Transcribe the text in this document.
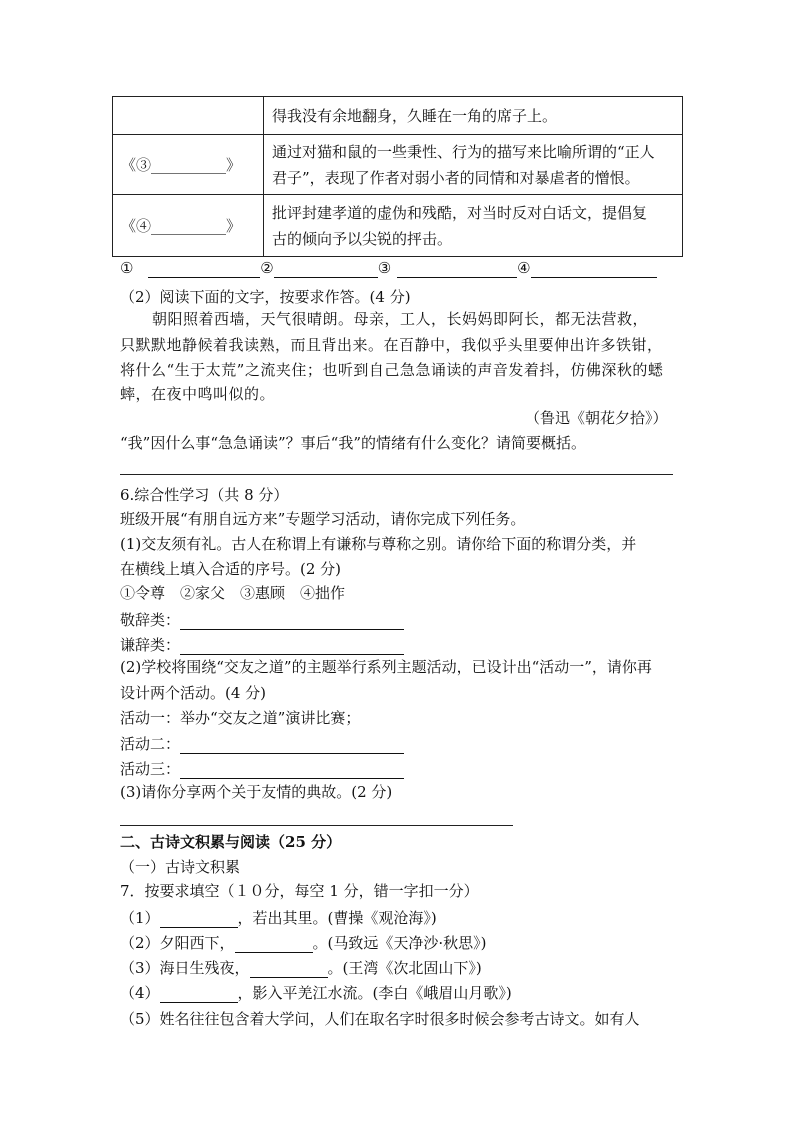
	得我没有余地翻身，久睡在一角的席子上。

《③__________》	通过对猫和鼠的一些秉性、行为的描写来比喻所谓的“正人
君子”，表现了作者对弱小者的同情和对暴虐者的憎恨。

《④__________》	批评封建孝道的虚伪和残酷，对当时反对白话文，提倡复
古的倾向予以尖锐的抨击。
①	②	③	④
（2）阅读下面的文字，按要求作答。(4 分)
朝阳照着西墙，天气很晴朗。母亲，工人，长妈妈即阿长，都无法营救，
只默默地静候着我读熟，而且背出来。在百静中，我似乎头里要伸出许多铁钳，
将什么“生于太荒”之流夹住；也听到自己急急诵读的声音发着抖，仿佛深秋的蟋
蟀，在夜中鸣叫似的。
（鲁迅《朝花夕拾》）
“我”因什么事“急急诵读”？事后“我”的情绪有什么变化？请简要概括。
6.综合性学习（共 8 分）
班级开展“有朋自远方来”专题学习活动，请你完成下列任务。
(1)交友须有礼。古人在称谓上有谦称与尊称之别。请你给下面的称谓分类，并
在横线上填入合适的序号。(2 分)
①令尊　②家父　③惠顾　④拙作
敬辞类：
谦辞类：
(2)学校将围绕“交友之道”的主题举行系列主题活动，已设计出“活动一”，请你再
设计两个活动。(4 分)
活动一：举办“交友之道”演讲比赛；
活动二：
活动三：
(3)请你分享两个关于友情的典故。(2 分)
二、古诗文积累与阅读（25 分）
（一）古诗文积累
7．按要求填空（１０分，每空 1 分，错一字扣一分）
（1）	，若出其里。(曹操《观沧海》)
（2）夕阳西下，	。(马致远《天净沙·秋思》)
（3）海日生残夜，	。(王湾《次北固山下》)
（4）	，影入平羌江水流。(李白《峨眉山月歌》)
（5）姓名往往包含着大学问，人们在取名字时很多时候会参考古诗文。如有人
